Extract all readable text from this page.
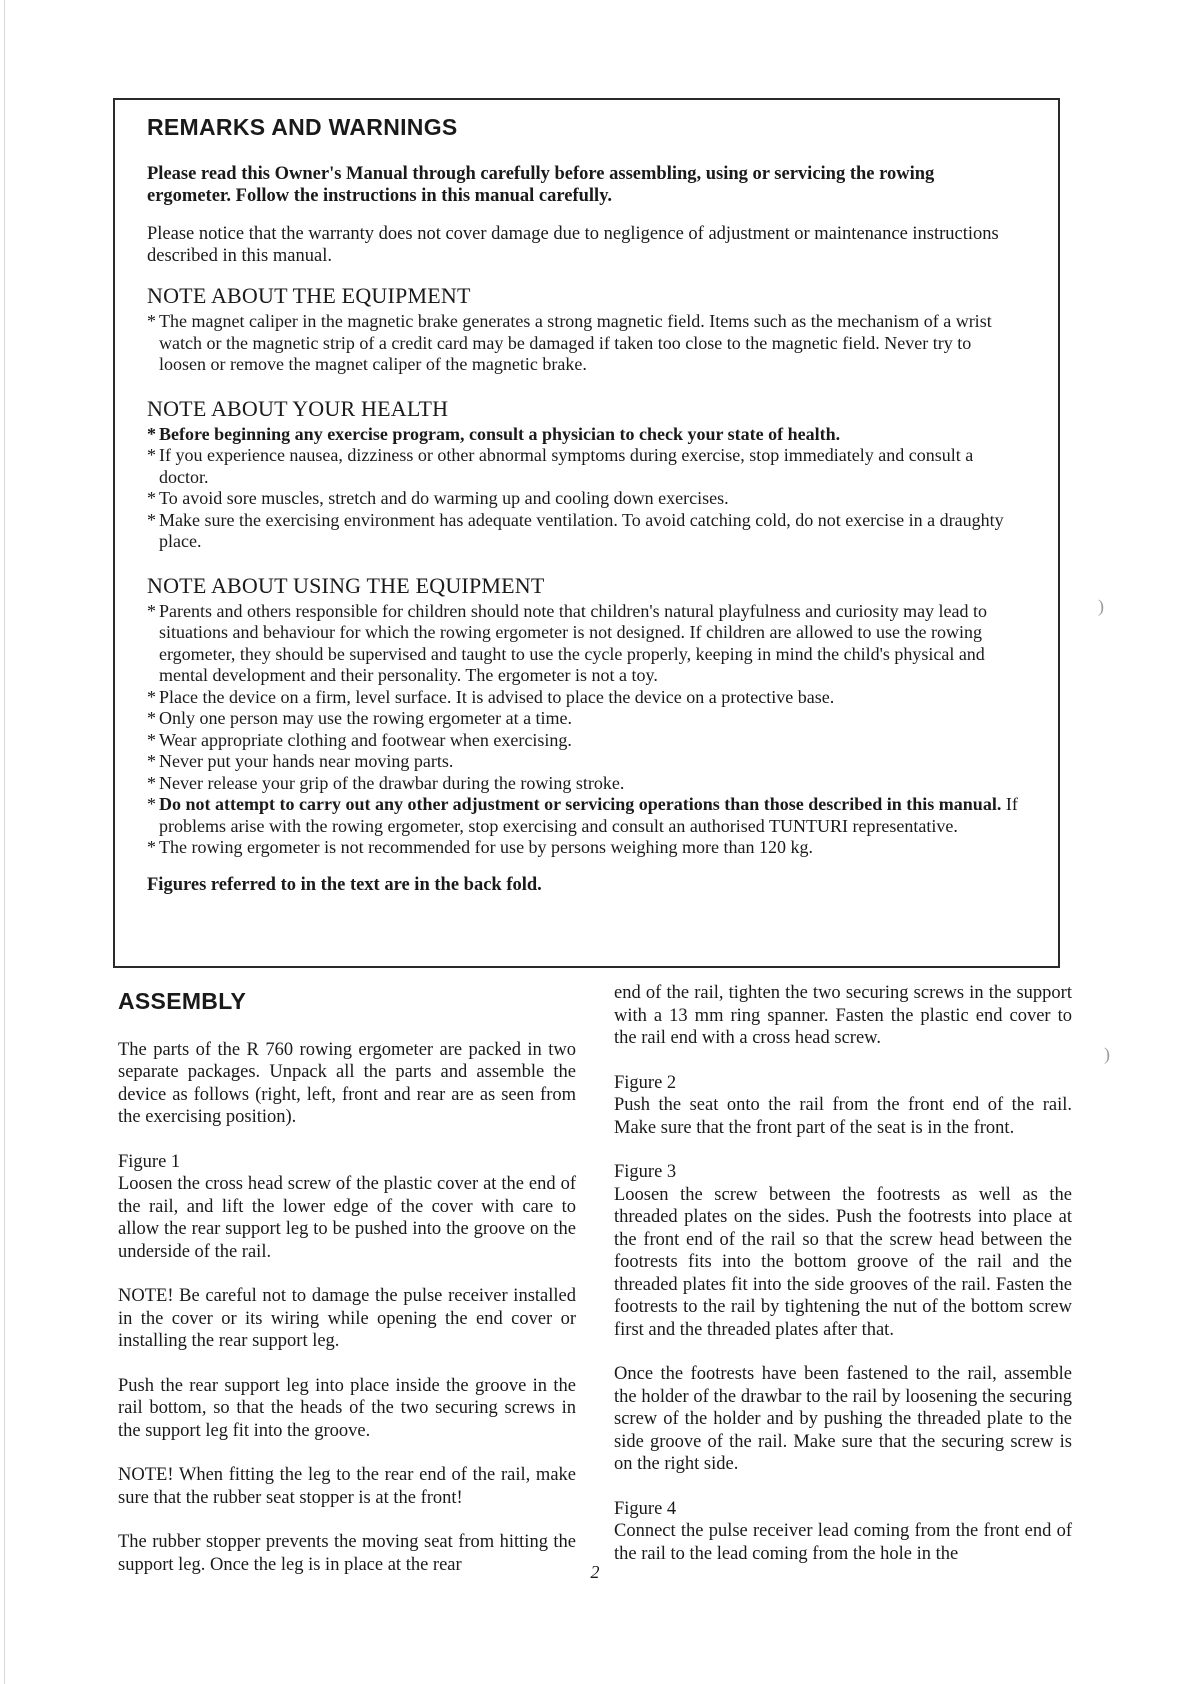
)
)
REMARKS AND WARNINGS

Please read this Owner's Manual through carefully before assembling, using or servicing the rowing ergometer. Follow the instructions in this manual carefully.

Please notice that the warranty does not cover damage due to negligence of adjustment or maintenance instructions described in this manual.

NOTE ABOUT THE EQUIPMENT
* The magnet caliper in the magnetic brake generates a strong magnetic field. Items such as the mechanism of a wrist watch or the magnetic strip of a credit card may be damaged if taken too close to the magnetic field. Never try to loosen or remove the magnet caliper of the magnetic brake.
NOTE ABOUT YOUR HEALTH
* Before beginning any exercise program, consult a physician to check your state of health.
* If you experience nausea, dizziness or other abnormal symptoms during exercise, stop immediately and consult a doctor.
* To avoid sore muscles, stretch and do warming up and cooling down exercises.
* Make sure the exercising environment has adequate ventilation. To avoid catching cold, do not exercise in a draughty place.
NOTE ABOUT USING THE EQUIPMENT
* Parents and others responsible for children should note that children's natural playfulness and curiosity may lead to situations and behaviour for which the rowing ergometer is not designed. If children are allowed to use the rowing ergometer, they should be supervised and taught to use the cycle properly, keeping in mind the child's physical and mental development and their personality. The ergometer is not a toy.
* Place the device on a firm, level surface. It is advised to place the device on a protective base.
* Only one person may use the rowing ergometer at a time.
* Wear appropriate clothing and footwear when exercising.
* Never put your hands near moving parts.
* Never release your grip of the drawbar during the rowing stroke.
* Do not attempt to carry out any other adjustment or servicing operations than those described in this manual. If problems arise with the rowing ergometer, stop exercising and consult an authorised TUNTURI representative.
* The rowing ergometer is not recommended for use by persons weighing more than 120 kg.

Figures referred to in the text are in the back fold.

ASSEMBLY

The parts of the R 760 rowing ergometer are packed in two separate packages. Unpack all the parts and assemble the device as follows (right, left, front and rear are as seen from the exercising position).

Figure 1

Loosen the cross head screw of the plastic cover at the end of the rail, and lift the lower edge of the cover with care to allow the rear support leg to be pushed into the groove on the underside of the rail.

NOTE! Be careful not to damage the pulse receiver installed in the cover or its wiring while opening the end cover or installing the rear support leg.

Push the rear support leg into place inside the groove in the rail bottom, so that the heads of the two securing screws in the support leg fit into the groove.

NOTE! When fitting the leg to the rear end of the rail, make sure that the rubber seat stopper is at the front!

The rubber stopper prevents the moving seat from hitting the support leg. Once the leg is in place at the rear

end of the rail, tighten the two securing screws in the support with a 13 mm ring spanner. Fasten the plastic end cover to the rail end with a cross head screw.

Figure 2

Push the seat onto the rail from the front end of the rail. Make sure that the front part of the seat is in the front.

Figure 3

Loosen the screw between the footrests as well as the threaded plates on the sides. Push the footrests into place at the front end of the rail so that the screw head between the footrests fits into the bottom groove of the rail and the threaded plates fit into the side grooves of the rail. Fasten the footrests to the rail by tightening the nut of the bottom screw first and the threaded plates after that.

Once the footrests have been fastened to the rail, assemble the holder of the drawbar to the rail by loosening the securing screw of the holder and by pushing the threaded plate to the side groove of the rail. Make sure that the securing screw is on the right side.

Figure 4

Connect the pulse receiver lead coming from the front end of the rail to the lead coming from the hole in the

2
